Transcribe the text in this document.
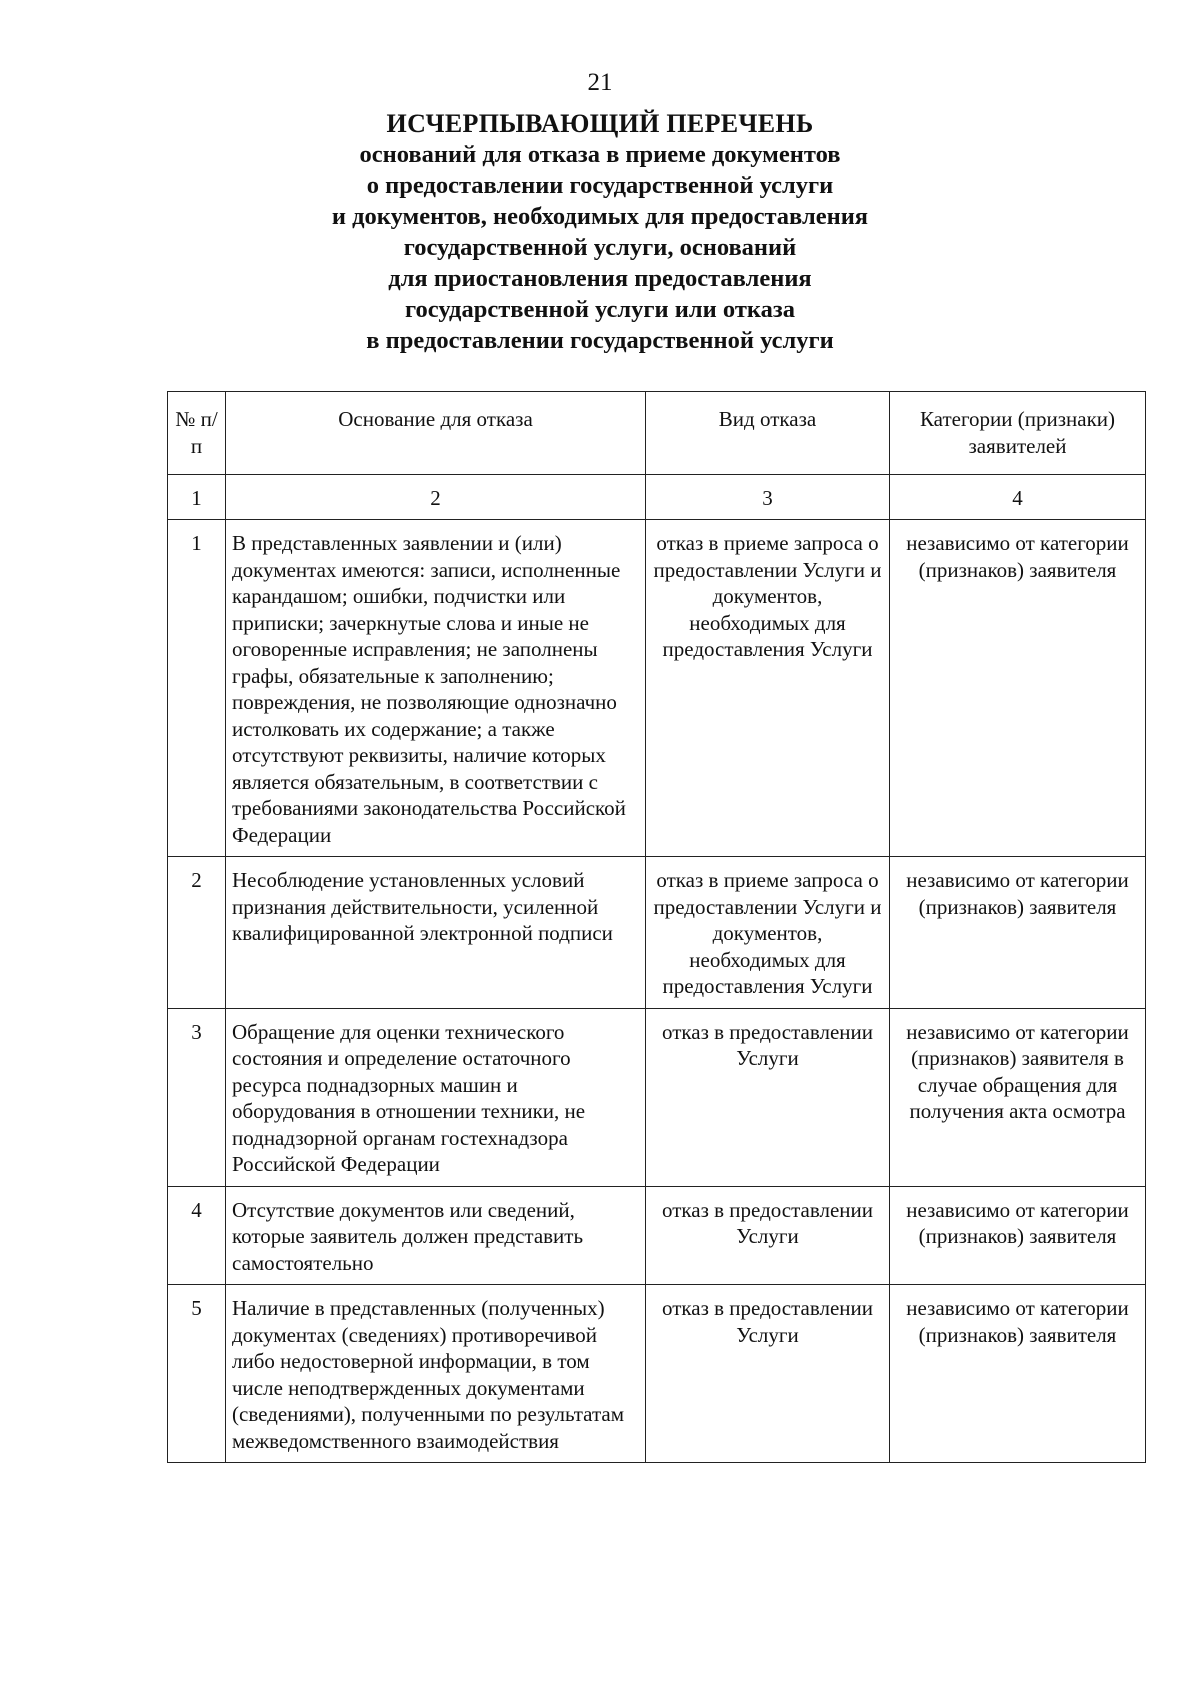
21
ИСЧЕРПЫВАЮЩИЙ ПЕРЕЧЕНЬ
оснований для отказа в приеме документов
о предоставлении государственной услуги
и документов, необходимых для предоставления
государственной услуги, оснований
для приостановления предоставления
государственной услуги или отказа
в предоставлении государственной услуги
№ п/п	Основание для отказа	Вид отказа	Категории (признаки) заявителей
1	2	3	4
1	В представленных заявлении и (или) документах имеются: записи, исполненные карандашом; ошибки, подчистки или приписки; зачеркнутые слова и иные не оговоренные исправления; не заполнены графы, обязательные к заполнению; повреждения, не позволяющие однозначно истолковать их содержание; а также отсутствуют реквизиты, наличие которых является обязательным, в соответствии с требованиями законодательства Российской Федерации	отказ в приеме запроса о предоставлении Услуги и документов, необходимых для предоставления Услуги	независимо от категории (признаков) заявителя
2	Несоблюдение установленных условий признания действительности, усиленной квалифицированной электронной подписи	отказ в приеме запроса о предоставлении Услуги и документов, необходимых для предоставления Услуги	независимо от категории (признаков) заявителя
3	Обращение для оценки технического состояния и определение остаточного ресурса поднадзорных машин и оборудования в отношении техники, не поднадзорной органам гостехнадзора Российской Федерации	отказ в предоставлении Услуги	независимо от категории (признаков) заявителя в случае обращения для получения акта осмотра
4	Отсутствие документов или сведений, которые заявитель должен представить самостоятельно	отказ в предоставлении Услуги	независимо от категории (признаков) заявителя
5	Наличие в представленных (полученных) документах (сведениях) противоречивой либо недостоверной информации, в том числе неподтвержденных документами (сведениями), полученными по результатам межведомственного взаимодействия	отказ в предоставлении Услуги	независимо от категории (признаков) заявителя
